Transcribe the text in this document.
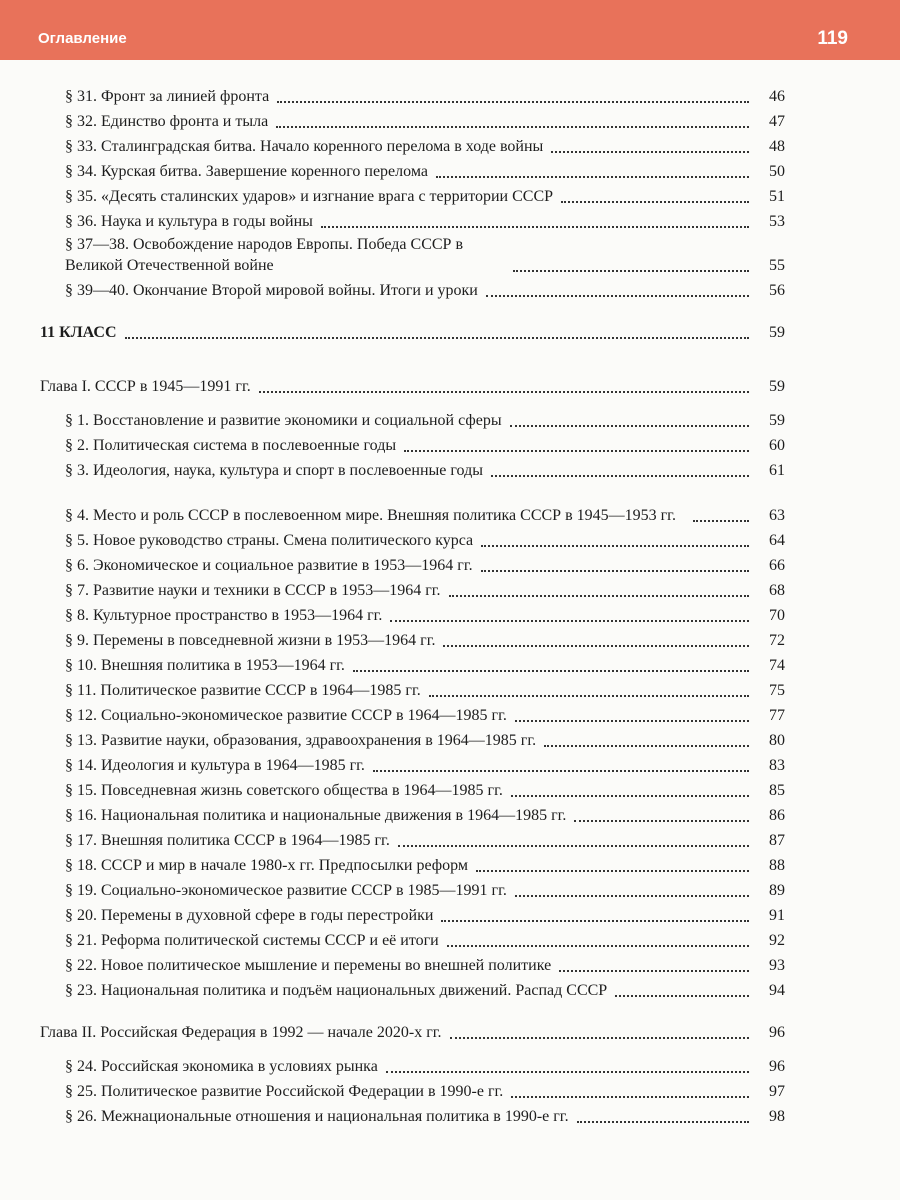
Оглавление	119
§ 31. Фронт за линией фронта	46
§ 32. Единство фронта и тыла	47
§ 33. Сталинградская битва. Начало коренного перелома в ходе войны	48
§ 34. Курская битва. Завершение коренного перелома	50
§ 35. «Десять сталинских ударов» и изгнание врага с территории СССР	51
§ 36. Наука и культура в годы войны	53
§ 37—38. Освобождение народов Европы. Победа СССР в Великой Отечественной войне	55
§ 39—40. Окончание Второй мировой войны. Итоги и уроки	56
11 КЛАСС	59
Глава I. СССР в 1945—1991 гг.	59
§ 1. Восстановление и развитие экономики и социальной сферы	59
§ 2. Политическая система в послевоенные годы	60
§ 3. Идеология, наука, культура и спорт в послевоенные годы	61
§ 4. Место и роль СССР в послевоенном мире. Внешняя политика СССР в 1945—1953 гг.	63
§ 5. Новое руководство страны. Смена политического курса	64
§ 6. Экономическое и социальное развитие в 1953—1964 гг.	66
§ 7. Развитие науки и техники в СССР в 1953—1964 гг.	68
§ 8. Культурное пространство в 1953—1964 гг.	70
§ 9. Перемены в повседневной жизни в 1953—1964 гг.	72
§ 10. Внешняя политика в 1953—1964 гг.	74
§ 11. Политическое развитие СССР в 1964—1985 гг.	75
§ 12. Социально-экономическое развитие СССР в 1964—1985 гг.	77
§ 13. Развитие науки, образования, здравоохранения в 1964—1985 гг.	80
§ 14. Идеология и культура в 1964—1985 гг.	83
§ 15. Повседневная жизнь советского общества в 1964—1985 гг.	85
§ 16. Национальная политика и национальные движения в 1964—1985 гг.	86
§ 17. Внешняя политика СССР в 1964—1985 гг.	87
§ 18. СССР и мир в начале 1980-х гг. Предпосылки реформ	88
§ 19. Социально-экономическое развитие СССР в 1985—1991 гг.	89
§ 20. Перемены в духовной сфере в годы перестройки	91
§ 21. Реформа политической системы СССР и её итоги	92
§ 22. Новое политическое мышление и перемены во внешней политике	93
§ 23. Национальная политика и подъём национальных движений. Распад СССР	94
Глава II. Российская Федерация в 1992 — начале 2020-х гг.	96
§ 24. Российская экономика в условиях рынка	96
§ 25. Политическое развитие Российской Федерации в 1990-е гг.	97
§ 26. Межнациональные отношения и национальная политика в 1990-е гг.	98
